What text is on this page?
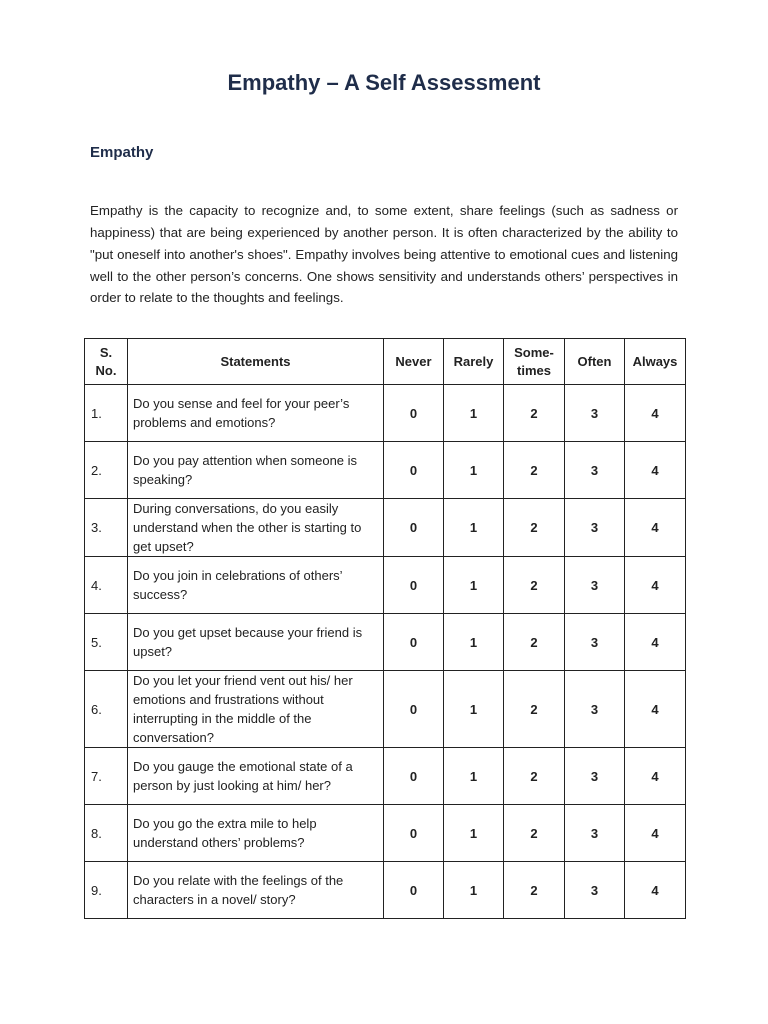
Empathy – A Self Assessment
Empathy

Empathy is the capacity to recognize and, to some extent, share feelings (such as sadness or happiness) that are being experienced by another person. It is often characterized by the ability to "put oneself into another's shoes". Empathy involves being attentive to emotional cues and listening well to the other person’s concerns. One shows sensitivity and understands others’ perspectives in order to relate to the thoughts and feelings.

S. No.	Statements	Never	Rarely	Some-times	Often	Always
1.	Do you sense and feel for your peer’s problems and emotions?	0	1	2	3	4
2.	Do you pay attention when someone is speaking?	0	1	2	3	4
3.	During conversations, do you easily understand when the other is starting to get upset?	0	1	2	3	4
4.	Do you join in celebrations of others’ success?	0	1	2	3	4
5.	Do you get upset because your friend is upset?	0	1	2	3	4
6.	Do you let your friend vent out his/ her emotions and frustrations without interrupting in the middle of the conversation?	0	1	2	3	4
7.	Do you gauge the emotional state of a person by just looking at him/ her?	0	1	2	3	4
8.	Do you go the extra mile to help understand others’ problems?	0	1	2	3	4
9.	Do you relate with the feelings of the characters in a novel/ story?	0	1	2	3	4
